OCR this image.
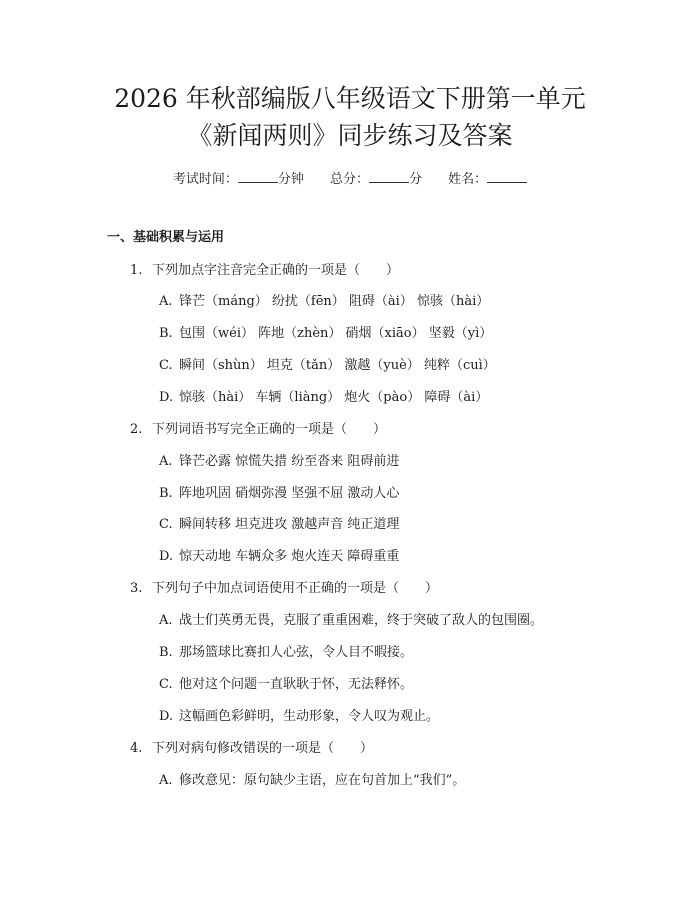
2026 年秋部编版八年级语文下册第一单元
《新闻两则》同步练习及答案
考试时间：	分钟 总分：	分 姓名：
一、基础积累与运用
1. 下列加点字注音完全正确的一项是（　　）
A. 锋芒（máng） 纷扰（fēn） 阻碍（ài） 惊骇（hài）
B. 包围（wéi） 阵地（zhèn） 硝烟（xiāo） 坚毅（yì）
C. 瞬间（shùn） 坦克（tǎn） 激越（yuè） 纯粹（cuì）
D. 惊骇（hài） 车辆（liàng） 炮火（pào） 障碍（ài）
2. 下列词语书写完全正确的一项是（　　）
A. 锋芒必露 惊慌失措 纷至沓来 阻碍前进
B. 阵地巩固 硝烟弥漫 坚强不屈 激动人心
C. 瞬间转移 坦克进攻 激越声音 纯正道理
D. 惊天动地 车辆众多 炮火连天 障碍重重
3. 下列句子中加点词语使用不正确的一项是（　　）
A. 战士们英勇无畏，克服了重重困难，终于突破了敌人的包围圈。
B. 那场篮球比赛扣人心弦，令人目不暇接。
C. 他对这个问题一直耿耿于怀，无法释怀。
D. 这幅画色彩鲜明，生动形象，令人叹为观止。
4. 下列对病句修改错误的一项是（　　）
A. 修改意见：原句缺少主语，应在句首加上“我们”。
